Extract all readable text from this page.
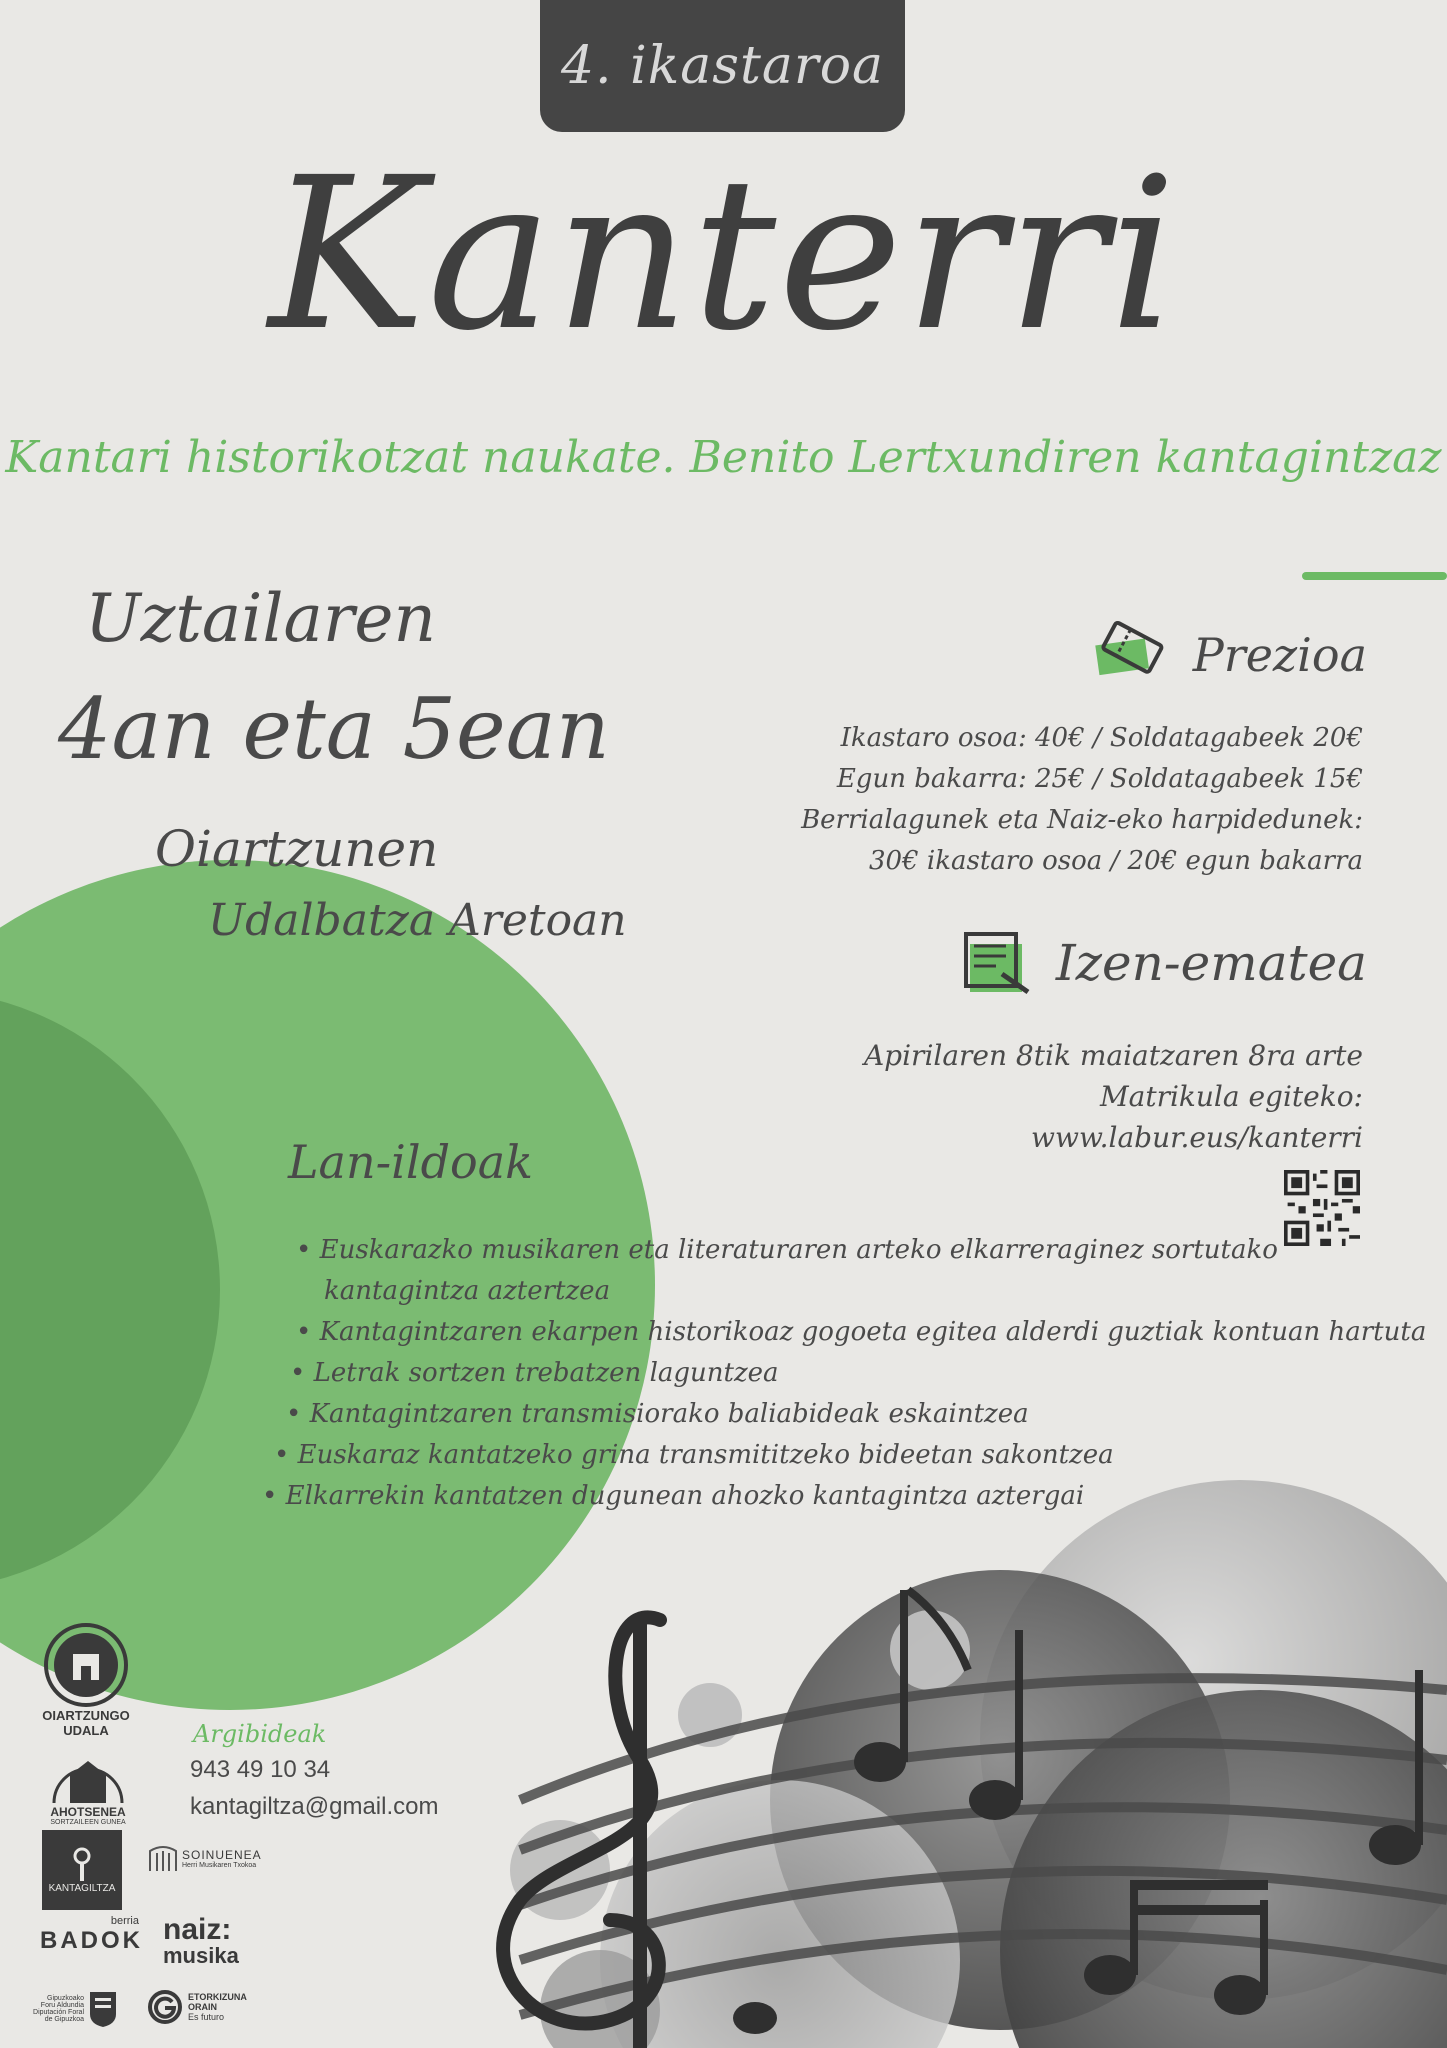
4. ikastaroa
Kanterri
Kantari historikotzat naukate. Benito Lertxundiren kantagintzaz
Uztailaren
4an eta 5ean
Oiartzunen
Udalbatza Aretoan
Prezioa
Ikastaro osoa: 40€ / Soldatagabeek 20€
Egun bakarra: 25€ / Soldatagabeek 15€
Berrialagunek eta Naiz-eko harpidedunek:
30€ ikastaro osoa / 20€ egun bakarra
Izen-ematea
Apirilaren 8tik maiatzaren 8ra arte
Matrikula egiteko:
www.labur.eus/kanterri
Lan-ildoak
• Euskarazko musikaren eta literaturaren arteko elkarreraginez sortutako
kantagintza aztertzea
• Kantagintzaren ekarpen historikoaz gogoeta egitea alderdi guztiak kontuan hartuta
• Letrak sortzen trebatzen laguntzea
• Kantagintzaren transmisiorako baliabideak eskaintzea
• Euskaraz kantatzeko grina transmititzeko bideetan sakontzea
• Elkarrekin kantatzen dugunean ahozko kantagintza aztergai
Argibideak
943 49 10 34
kantagiltza@gmail.com
OIARTZUNGO
UDALA
AHOTSENEA
SORTZAILEEN GUNEA
KANTAGILTZA
SOINUENEA
Herri Musikaren Txokoa
berria
BADOK naiz:
musika
Gipuzkoako
Foru Aldundia
Diputación Foral
de Gipuzkoa
ETORKIZUNA
ORAIN
Es futuro
